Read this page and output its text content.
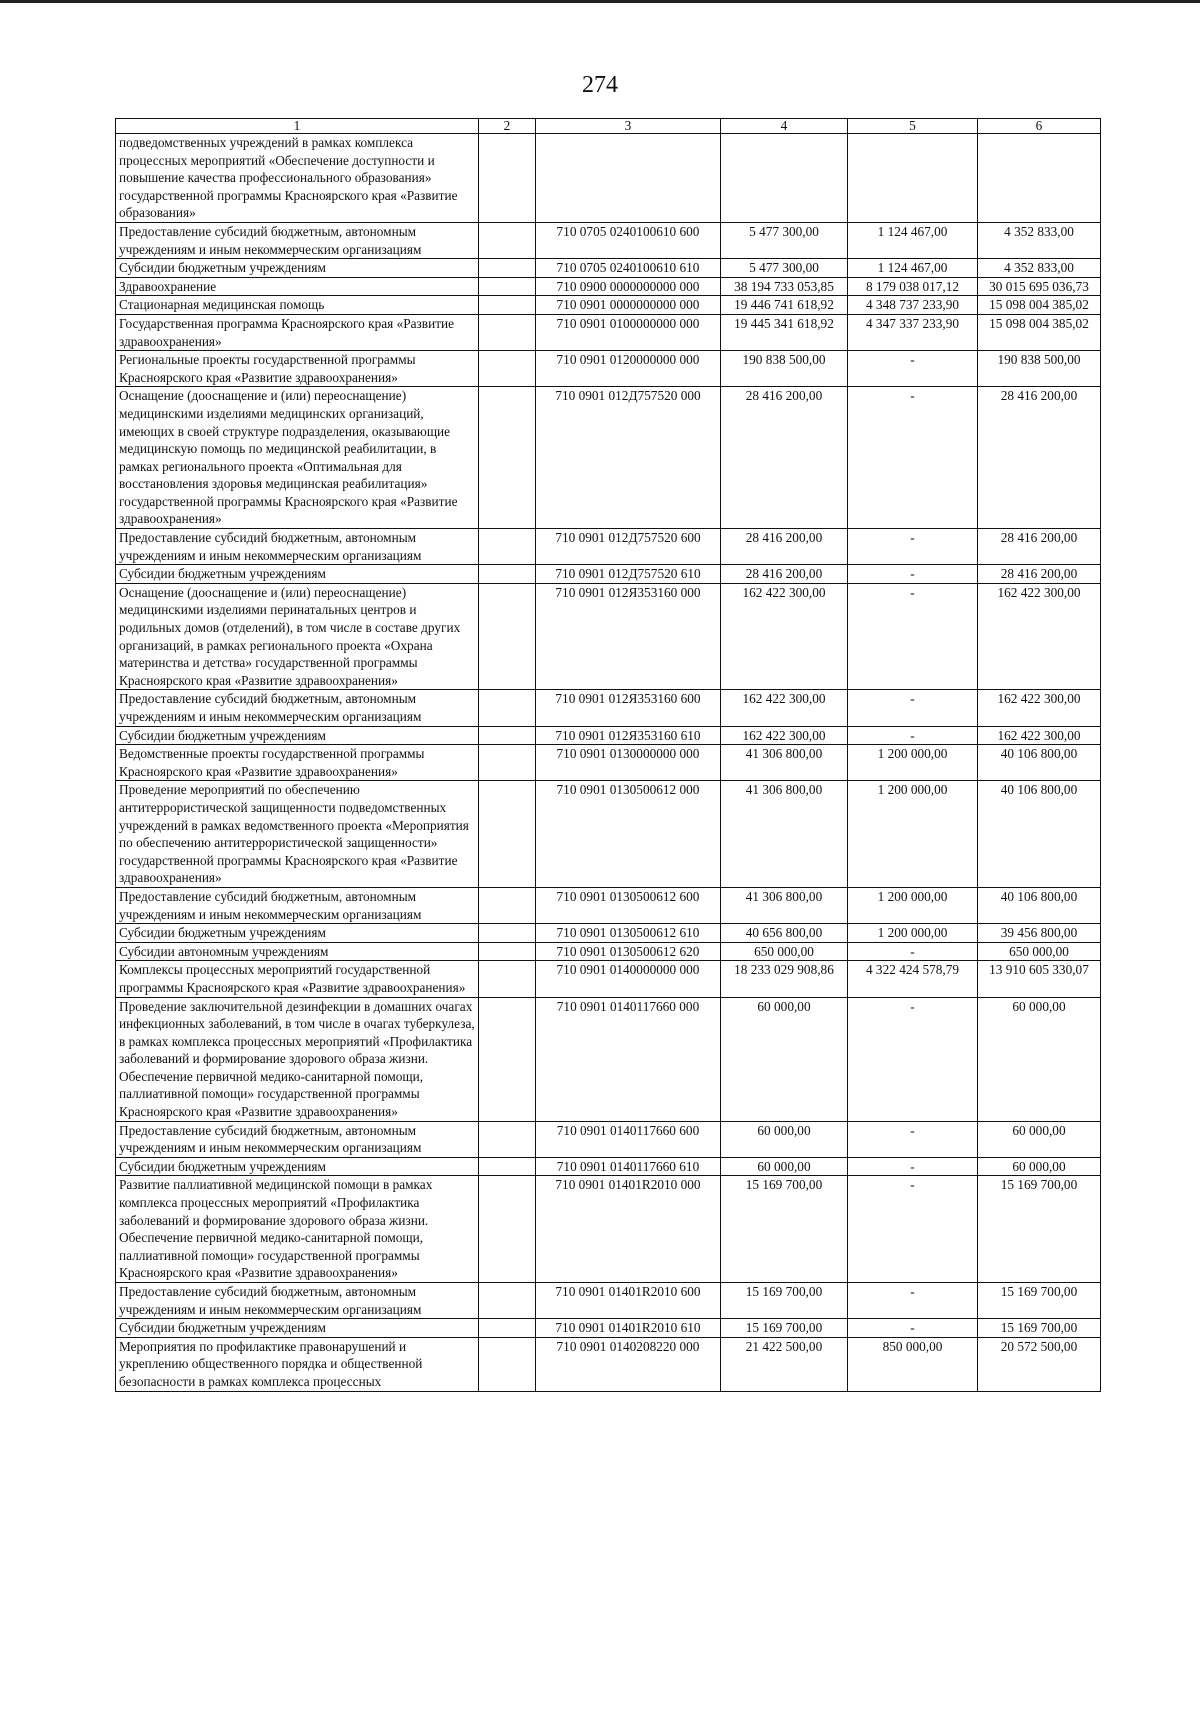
274
1	2	3	4	5	6
подведомственных учреждений в рамках комплекса процессных мероприятий «Обеспечение доступности и повышение качества профессионального образования» государственной программы Красноярского края «Развитие образования»					
Предоставление субсидий бюджетным, автономным учреждениям и иным некоммерческим организациям		710 0705 0240100610 600	5 477 300,00	1 124 467,00	4 352 833,00
Субсидии бюджетным учреждениям		710 0705 0240100610 610	5 477 300,00	1 124 467,00	4 352 833,00
Здравоохранение		710 0900 0000000000 000	38 194 733 053,85	8 179 038 017,12	30 015 695 036,73
Стационарная медицинская помощь		710 0901 0000000000 000	19 446 741 618,92	4 348 737 233,90	15 098 004 385,02
Государственная программа Красноярского края «Развитие здравоохранения»		710 0901 0100000000 000	19 445 341 618,92	4 347 337 233,90	15 098 004 385,02
Региональные проекты государственной программы Красноярского края «Развитие здравоохранения»		710 0901 0120000000 000	190 838 500,00	-	190 838 500,00
Оснащение (дооснащение и (или) переоснащение) медицинскими изделиями медицинских организаций, имеющих в своей структуре подразделения, оказывающие медицинскую помощь по медицинской реабилитации, в рамках регионального проекта «Оптимальная для восстановления здоровья медицинская реабилитация» государственной программы Красноярского края «Развитие здравоохранения»		710 0901 012Д757520 000	28 416 200,00	-	28 416 200,00
Предоставление субсидий бюджетным, автономным учреждениям и иным некоммерческим организациям		710 0901 012Д757520 600	28 416 200,00	-	28 416 200,00
Субсидии бюджетным учреждениям		710 0901 012Д757520 610	28 416 200,00	-	28 416 200,00
Оснащение (дооснащение и (или) переоснащение) медицинскими изделиями перинатальных центров и родильных домов (отделений), в том числе в составе других организаций, в рамках регионального проекта «Охрана материнства и детства» государственной программы Красноярского края «Развитие здравоохранения»		710 0901 012Я353160 000	162 422 300,00	-	162 422 300,00
Предоставление субсидий бюджетным, автономным учреждениям и иным некоммерческим организациям		710 0901 012Я353160 600	162 422 300,00	-	162 422 300,00
Субсидии бюджетным учреждениям		710 0901 012Я353160 610	162 422 300,00	-	162 422 300,00
Ведомственные проекты государственной программы Красноярского края «Развитие здравоохранения»		710 0901 0130000000 000	41 306 800,00	1 200 000,00	40 106 800,00
Проведение мероприятий по обеспечению антитеррористической защищенности подведомственных учреждений в рамках ведомственного проекта «Мероприятия по обеспечению антитеррористической защищенности» государственной программы Красноярского края «Развитие здравоохранения»		710 0901 0130500612 000	41 306 800,00	1 200 000,00	40 106 800,00
Предоставление субсидий бюджетным, автономным учреждениям и иным некоммерческим организациям		710 0901 0130500612 600	41 306 800,00	1 200 000,00	40 106 800,00
Субсидии бюджетным учреждениям		710 0901 0130500612 610	40 656 800,00	1 200 000,00	39 456 800,00
Субсидии автономным учреждениям		710 0901 0130500612 620	650 000,00	-	650 000,00
Комплексы процессных мероприятий государственной программы Красноярского края «Развитие здравоохранения»		710 0901 0140000000 000	18 233 029 908,86	4 322 424 578,79	13 910 605 330,07
Проведение заключительной дезинфекции в домашних очагах инфекционных заболеваний, в том числе в очагах туберкулеза, в рамках комплекса процессных мероприятий «Профилактика заболеваний и формирование здорового образа жизни. Обеспечение первичной медико-санитарной помощи, паллиативной помощи» государственной программы Красноярского края «Развитие здравоохранения»		710 0901 0140117660 000	60 000,00	-	60 000,00
Предоставление субсидий бюджетным, автономным учреждениям и иным некоммерческим организациям		710 0901 0140117660 600	60 000,00	-	60 000,00
Субсидии бюджетным учреждениям		710 0901 0140117660 610	60 000,00	-	60 000,00
Развитие паллиативной медицинской помощи в рамках комплекса процессных мероприятий «Профилактика заболеваний и формирование здорового образа жизни. Обеспечение первичной медико-санитарной помощи, паллиативной помощи» государственной программы Красноярского края «Развитие здравоохранения»		710 0901 01401R2010 000	15 169 700,00	-	15 169 700,00
Предоставление субсидий бюджетным, автономным учреждениям и иным некоммерческим организациям		710 0901 01401R2010 600	15 169 700,00	-	15 169 700,00
Субсидии бюджетным учреждениям		710 0901 01401R2010 610	15 169 700,00	-	15 169 700,00
Мероприятия по профилактике правонарушений и укреплению общественного порядка и общественной безопасности в рамках комплекса процессных		710 0901 0140208220 000	21 422 500,00	850 000,00	20 572 500,00
